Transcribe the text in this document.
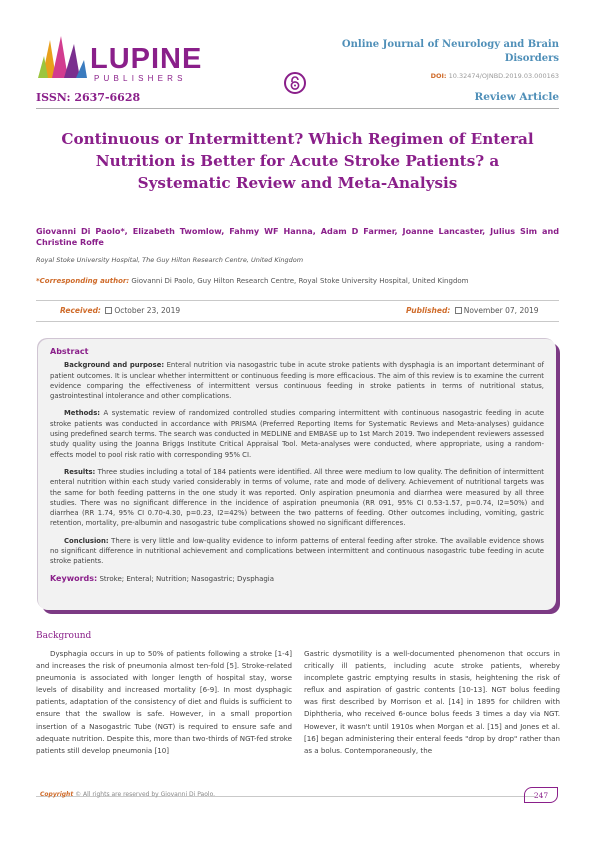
LUPINE
PUBLISHERS
Online Journal of Neurology and Brain Disorders
DOI: 10.32474/OJNBD.2019.03.000163
ISSN: 2637-6628	Review Article
Continuous or Intermittent? Which Regimen of Enteral Nutrition is Better for Acute Stroke Patients? a Systematic Review and Meta-Analysis
Giovanni Di Paolo*, Elizabeth Twomlow, Fahmy WF Hanna, Adam D Farmer, Joanne Lancaster, Julius Sim and Christine Roffe
Royal Stoke University Hospital, The Guy Hilton Research Centre, United Kingdom
*Corresponding author: Giovanni Di Paolo, Guy Hilton Research Centre, Royal Stoke University Hospital, United Kingdom
Received: October 23, 2019	Published: November 07, 2019
Abstract

Background and purpose: Enteral nutrition via nasogastric tube in acute stroke patients with dysphagia is an important determinant of patient outcomes. It is unclear whether intermittent or continuous feeding is more efficacious. The aim of this review is to examine the current evidence comparing the effectiveness of intermittent versus continuous feeding in stroke patients in terms of nutritional status, gastrointestinal intolerance and other complications.

Methods: A systematic review of randomized controlled studies comparing intermittent with continuous nasogastric feeding in acute stroke patients was conducted in accordance with PRISMA (Preferred Reporting Items for Systematic Reviews and Meta-analyses) guidance using predefined search terms. The search was conducted in MEDLINE and EMBASE up to 1st March 2019. Two independent reviewers assessed study quality using the Joanna Briggs Institute Critical Appraisal Tool. Meta-analyses were conducted, where appropriate, using a random-effects model to pool risk ratio with corresponding 95% CI.

Results: Three studies including a total of 184 patients were identified. All three were medium to low quality. The definition of intermittent enteral nutrition within each study varied considerably in terms of volume, rate and mode of delivery. Achievement of nutritional targets was the same for both feeding patterns in the one study it was reported. Only aspiration pneumonia and diarrhea were measured by all three studies. There was no significant difference in the incidence of aspiration pneumonia (RR 091, 95% CI 0.53-1.57, p=0.74, I2=50%) and diarrhea (RR 1.74, 95% CI 0.70-4.30, p=0.23, I2=42%) between the two patterns of feeding. Other outcomes including, vomiting, gastric retention, mortality, pre-albumin and nasogastric tube complications showed no significant differences.

Conclusion: There is very little and low-quality evidence to inform patterns of enteral feeding after stroke. The available evidence shows no significant difference in nutritional achievement and complications between intermittent and continuous nasogastric tube feeding in acute stroke patients.

Keywords: Stroke; Enteral; Nutrition; Nasogastric; Dysphagia
Background
Dysphagia occurs in up to 50% of patients following a stroke [1-4] and increases the risk of pneumonia almost ten-fold [5]. Stroke-related pneumonia is associated with longer length of hospital stay, worse levels of disability and increased mortality [6-9]. In most dysphagic patients, adaptation of the consistency of diet and fluids is sufficient to ensure that the swallow is safe. However, in a small proportion insertion of a Nasogastric Tube (NGT) is required to ensure safe and adequate nutrition. Despite this, more than two-thirds of NGT-fed stroke patients still develop pneumonia [10]
Gastric dysmotility is a well-documented phenomenon that occurs in critically ill patients, including acute stroke patients, whereby incomplete gastric emptying results in stasis, heightening the risk of reflux and aspiration of gastric contents [10-13]. NGT bolus feeding was first described by Morrison et al. [14] in 1895 for children with Diphtheria, who received 6-ounce bolus feeds 3 times a day via NGT. However, it wasn't until 1910s when Morgan et al. [15] and Jones et al. [16] began administering their enteral feeds "drop by drop" rather than as a bolus. Contemporaneously, the
Copyright © All rights are reserved by Giovanni Di Paolo.	247
